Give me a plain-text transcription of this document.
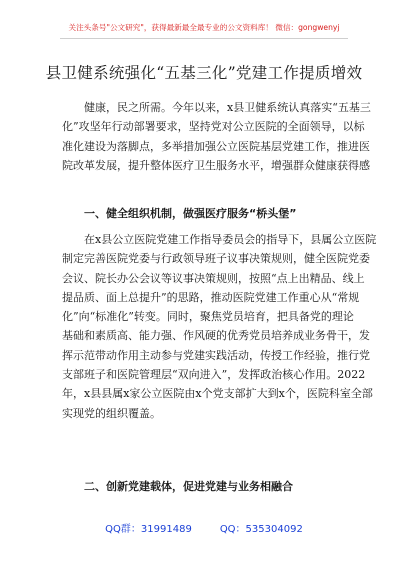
关注头条号"公文研究"，获得最新最全最专业的公文资料库！ 微信：gongwenyj
县卫健系统强化“五基三化”党建工作提质增效
健康，民之所需。今年以来，x县卫健系统认真落实“五基三
化”攻坚年行动部署要求，坚持党对公立医院的全面领导，以标
准化建设为落脚点，多举措加强公立医院基层党建工作，推进医
院改革发展，提升整体医疗卫生服务水平，增强群众健康获得感
一、健全组织机制，做强医疗服务“桥头堡”
在x县公立医院党建工作指导委员会的指导下，县属公立医院
制定完善医院党委与行政领导班子议事决策规则，健全医院党委
会议、院长办公会议等议事决策规则，按照“点上出精品、线上
提品质、面上总提升”的思路，推动医院党建工作重心从“常规
化”向“标准化”转变。同时，聚焦党员培育，把具备党的理论
基础和素质高、能力强、作风硬的优秀党员培养成业务骨干，发
挥示范带动作用主动参与党建实践活动，传授工作经验，推行党
支部班子和医院管理层“双向进入”，发挥政治核心作用。2022
年，x县县属x家公立医院由x个党支部扩大到x个，医院科室全部
实现党的组织覆盖。
二、创新党建载体，促进党建与业务相融合
QQ群：31991489	QQ：535304092
